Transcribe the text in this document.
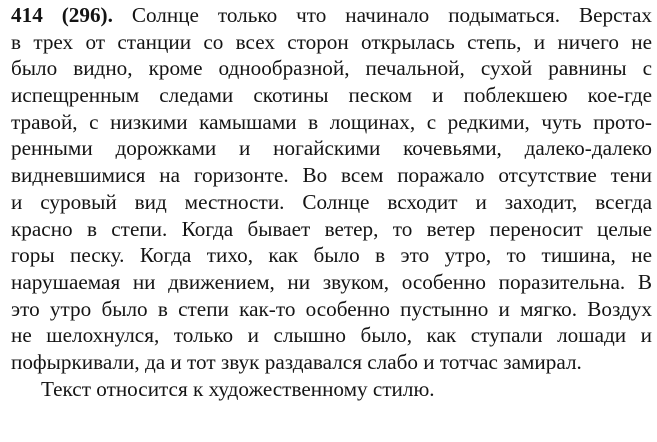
414 (296). Солнце только что начинало подыматься. Верстах
в трех от станции со всех сторон открылась степь, и ничего не
было видно, кроме однообразной, печальной, сухой равнины с
испещренным следами скотины песком и поблекшею кое-где
травой, с низкими камышами в лощинах, с редкими, чуть прото-
ренными дорожками и ногайскими кочевьями, далеко-далеко
видневшимися на горизонте. Во всем поражало отсутствие тени
и суровый вид местности. Солнце всходит и заходит, всегда
красно в степи. Когда бывает ветер, то ветер переносит целые
горы песку. Когда тихо, как было в это утро, то тишина, не
нарушаемая ни движением, ни звуком, особенно поразительна. В
это утро было в степи как-то особенно пустынно и мягко. Воздух
не шелохнулся, только и слышно было, как ступали лошади и
пофыркивали, да и тот звук раздавался слабо и тотчас замирал.
Текст относится к художественному стилю.
